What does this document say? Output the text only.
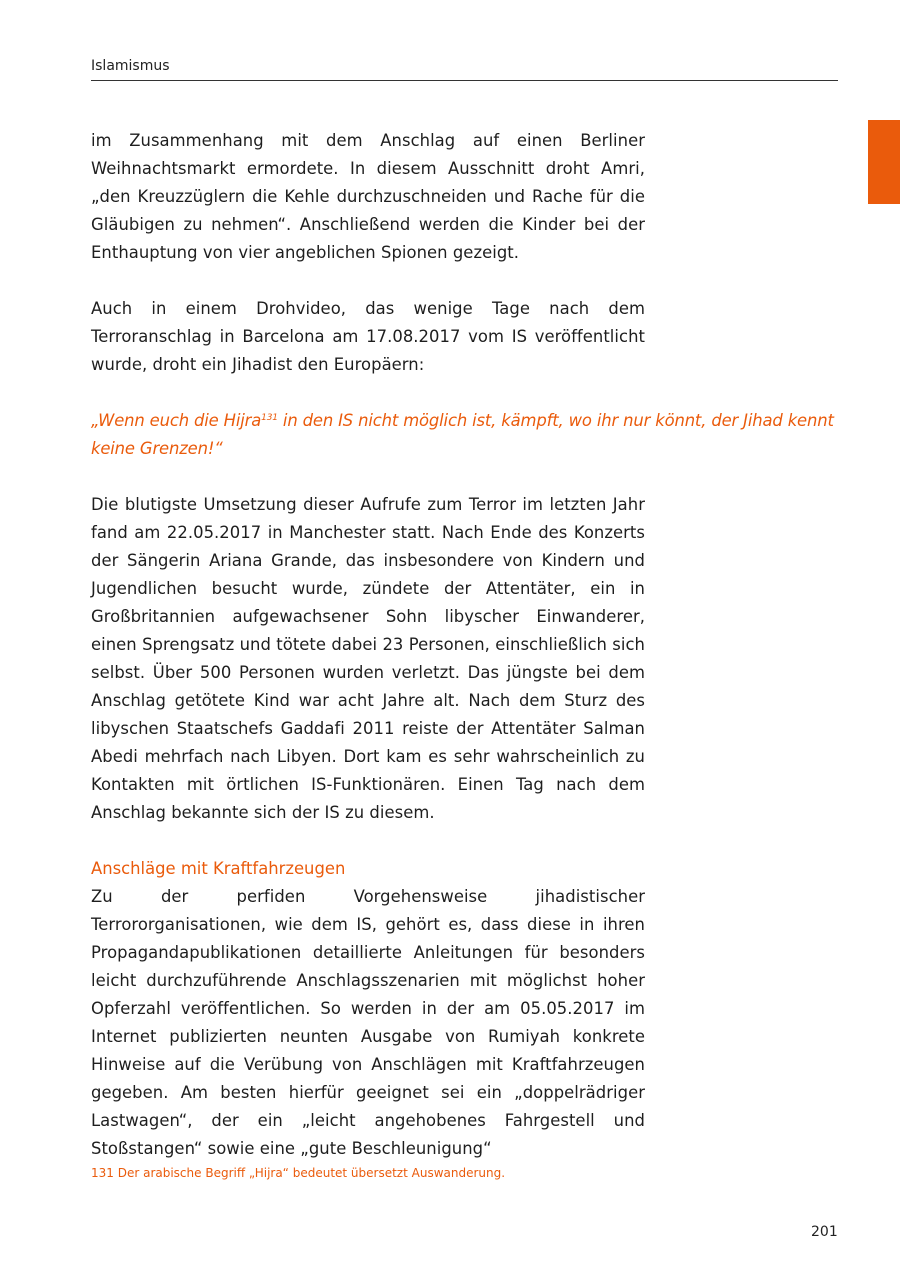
Islamismus

im Zusammenhang mit dem Anschlag auf einen Berliner Weihnachtsmarkt ermordete. In diesem Ausschnitt droht Amri, „den Kreuzzüglern die Kehle durchzuschneiden und Rache für die Gläubigen zu nehmen“. Anschließend werden die Kinder bei der Enthauptung von vier angeblichen Spionen gezeigt.

Auch in einem Drohvideo, das wenige Tage nach dem Terroranschlag in Barcelona am 17.08.2017 vom IS veröffentlicht wurde, droht ein Jihadist den Europäern:

„Wenn euch die Hijra$^{131}$ in den IS nicht möglich ist, kämpft, wo ihr nur könnt, der Jihad kennt keine Grenzen!“

Die blutigste Umsetzung dieser Aufrufe zum Terror im letzten Jahr fand am 22.05.2017 in Manchester statt. Nach Ende des Konzerts der Sängerin Ariana Grande, das insbesondere von Kindern und Jugendlichen besucht wurde, zündete der Attentäter, ein in Großbritannien aufgewachsener Sohn libyscher Einwanderer, einen Sprengsatz und tötete dabei 23 Personen, einschließlich sich selbst. Über 500 Personen wurden verletzt. Das jüngste bei dem Anschlag getötete Kind war acht Jahre alt. Nach dem Sturz des libyschen Staatschefs Gaddafi 2011 reiste der Attentäter Salman Abedi mehrfach nach Libyen. Dort kam es sehr wahrscheinlich zu Kontakten mit örtlichen IS-Funktionären. Einen Tag nach dem Anschlag bekannte sich der IS zu diesem.

Anschläge mit Kraftfahrzeugen

Zu der perfiden Vorgehensweise jihadistischer Terrororganisationen, wie dem IS, gehört es, dass diese in ihren Propagandapublikationen detaillierte Anleitungen für besonders leicht durchzuführende Anschlagsszenarien mit möglichst hoher Opferzahl veröffentlichen. So werden in der am 05.05.2017 im Internet publizierten neunten Ausgabe von Rumiyah konkrete Hinweise auf die Verübung von Anschlägen mit Kraftfahrzeugen gegeben. Am besten hierfür geeignet sei ein „doppelrädriger Lastwagen“, der ein „leicht angehobenes Fahrgestell und Stoßstangen“ sowie eine „gute Beschleunigung“

131 Der arabische Begriff „Hijra“ bedeutet übersetzt Auswanderung.
201
